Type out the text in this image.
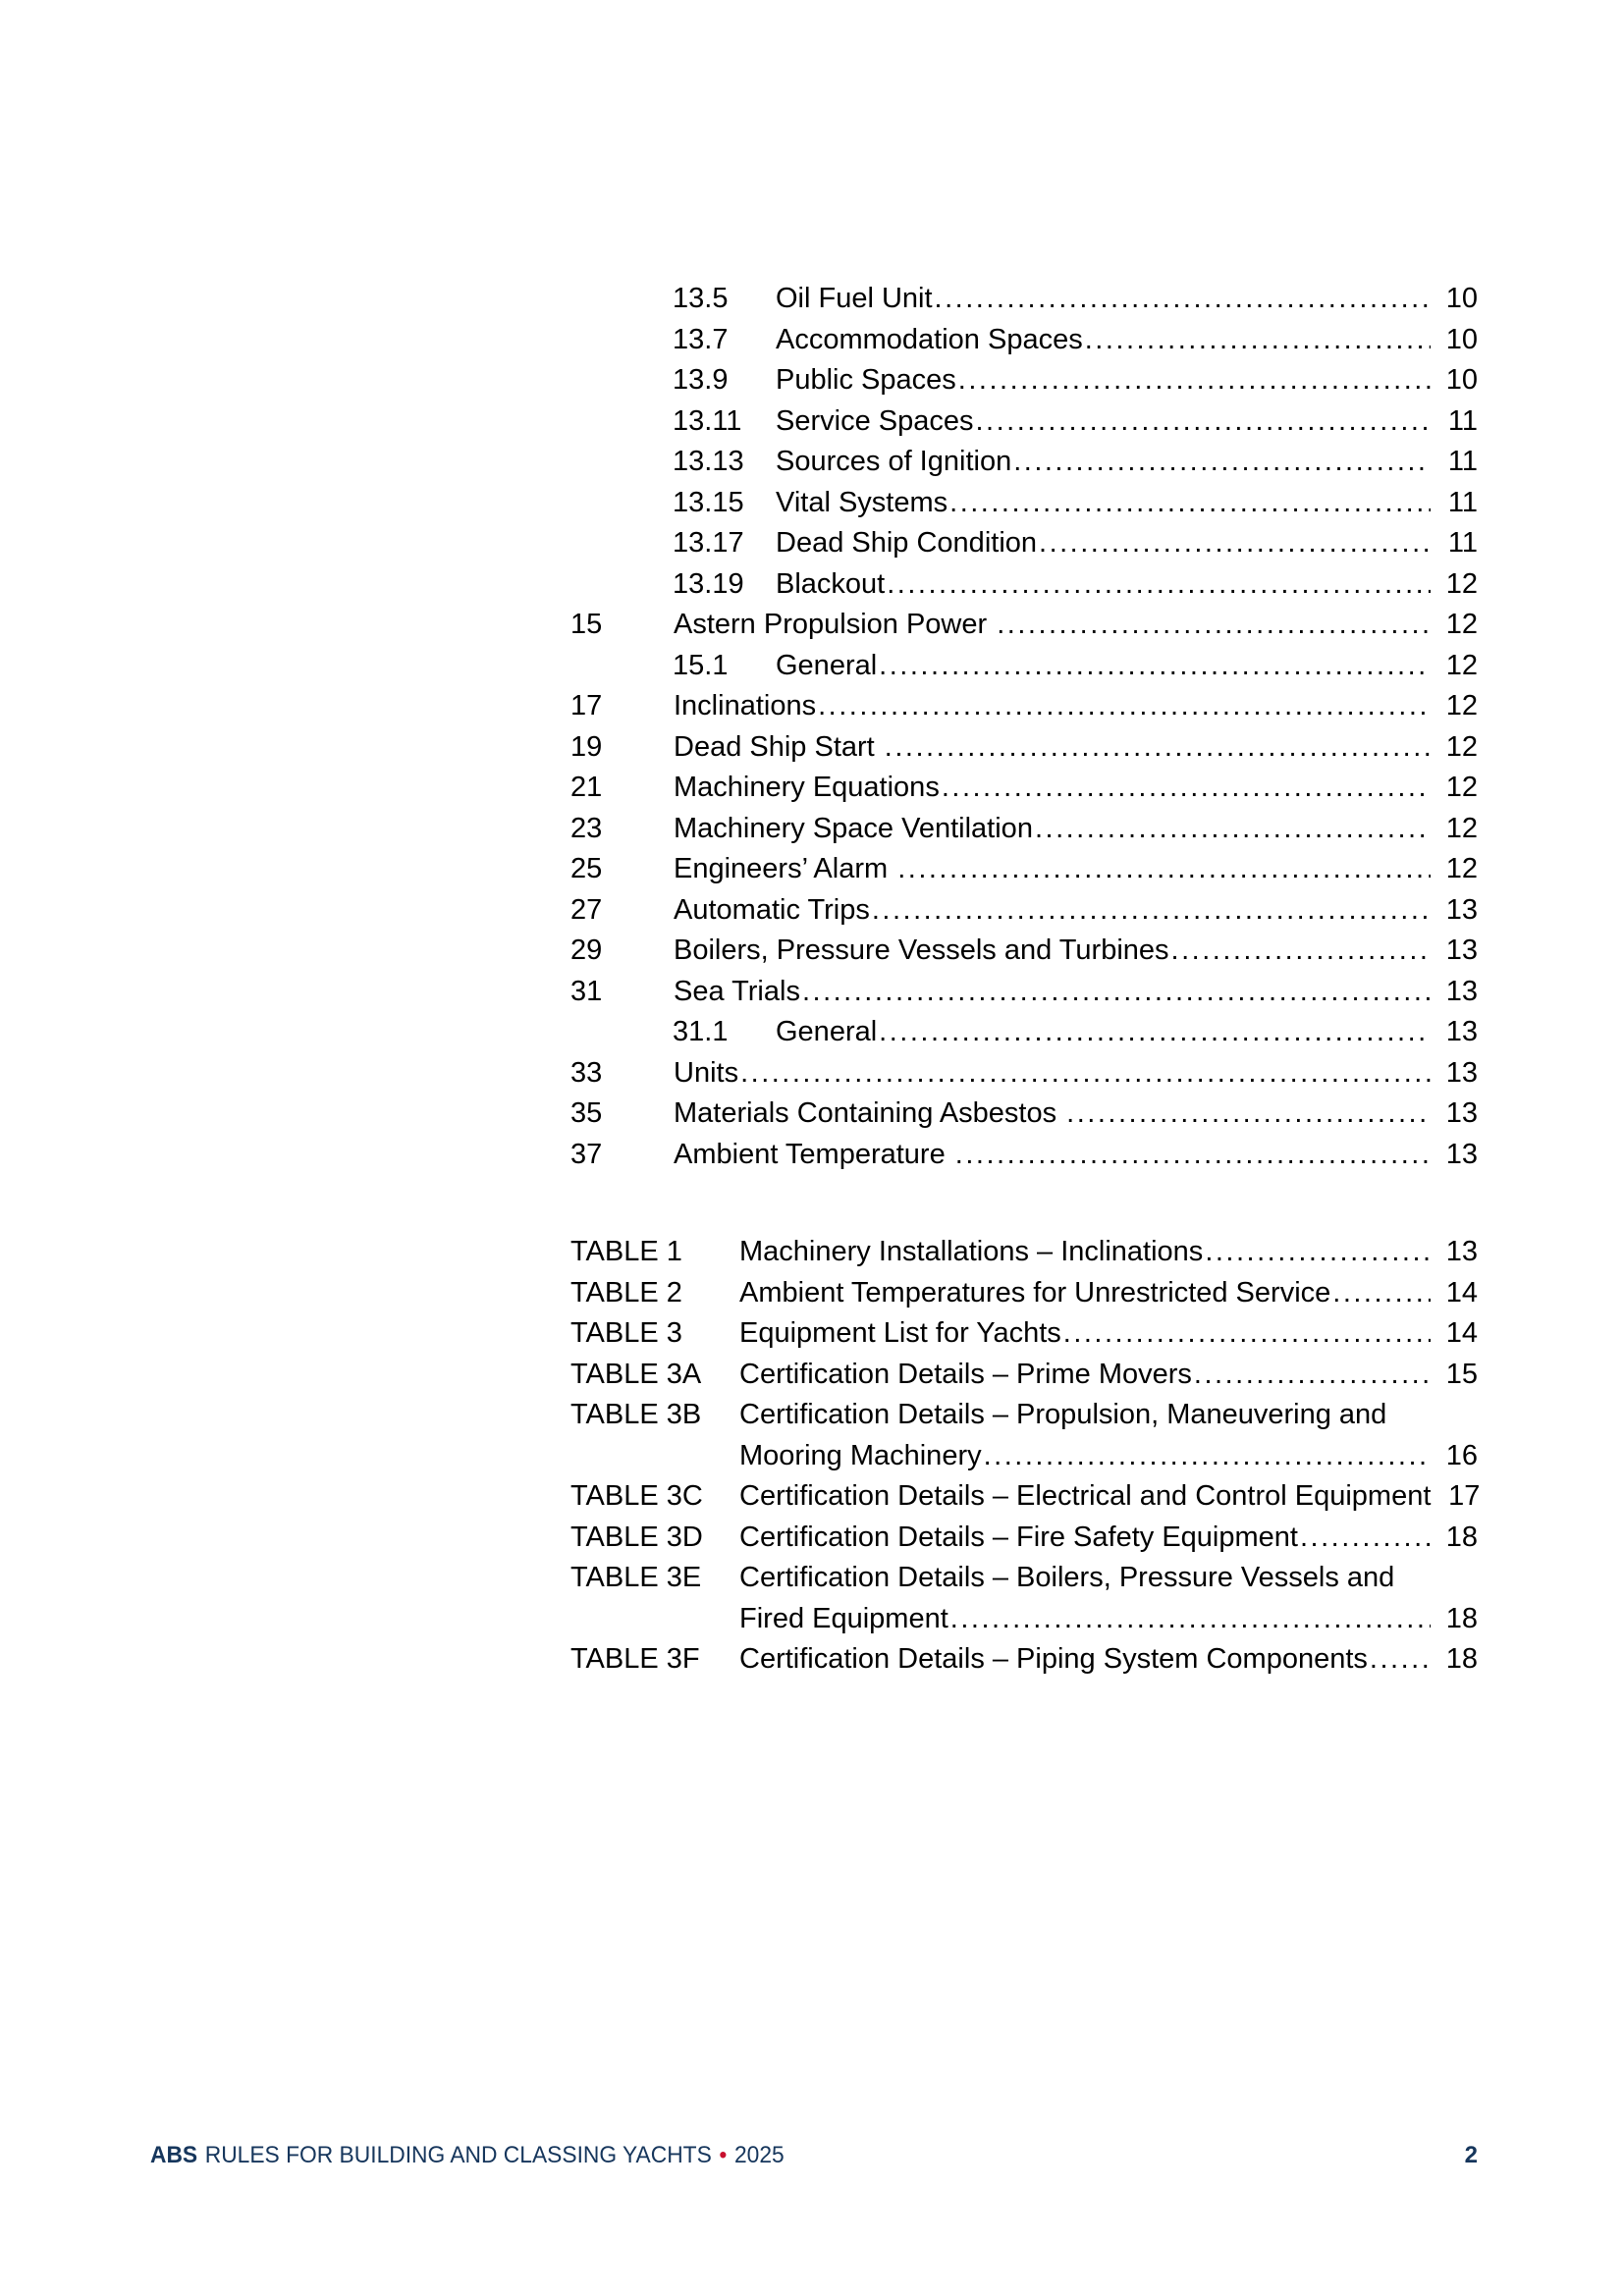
13.5	Oil Fuel Unit .....	10
13.7	Accommodation Spaces .....	10
13.9	Public Spaces .....	10
13.11	Service Spaces .....	11
13.13	Sources of Ignition .....	11
13.15	Vital Systems .....	11
13.17	Dead Ship Condition .....	11
13.19	Blackout .....	12
15	Astern Propulsion Power .....	12
15.1	General .....	12
17	Inclinations .....	12
19	Dead Ship Start .....	12
21	Machinery Equations .....	12
23	Machinery Space Ventilation .....	12
25	Engineers’ Alarm .....	12
27	Automatic Trips .....	13
29	Boilers, Pressure Vessels and Turbines .....	13
31	Sea Trials .....	13
31.1	General .....	13
33	Units .....	13
35	Materials Containing Asbestos .....	13
37	Ambient Temperature .....	13
TABLE 1	Machinery Installations – Inclinations .....	13
TABLE 2	Ambient Temperatures for Unrestricted Service .....	14
TABLE 3	Equipment List for Yachts .....	14
TABLE 3A	Certification Details – Prime Movers .....	15
TABLE 3B	Certification Details – Propulsion, Maneuvering and
Mooring Machinery .....	16
TABLE 3C	Certification Details – Electrical and Control Equipment 17
TABLE 3D	Certification Details – Fire Safety Equipment .....	18
TABLE 3E	Certification Details – Boilers, Pressure Vessels and
Fired Equipment .....	18
TABLE 3F	Certification Details – Piping System Components .....	18
ABS RULES FOR BUILDING AND CLASSING YACHTS • 2025	2
